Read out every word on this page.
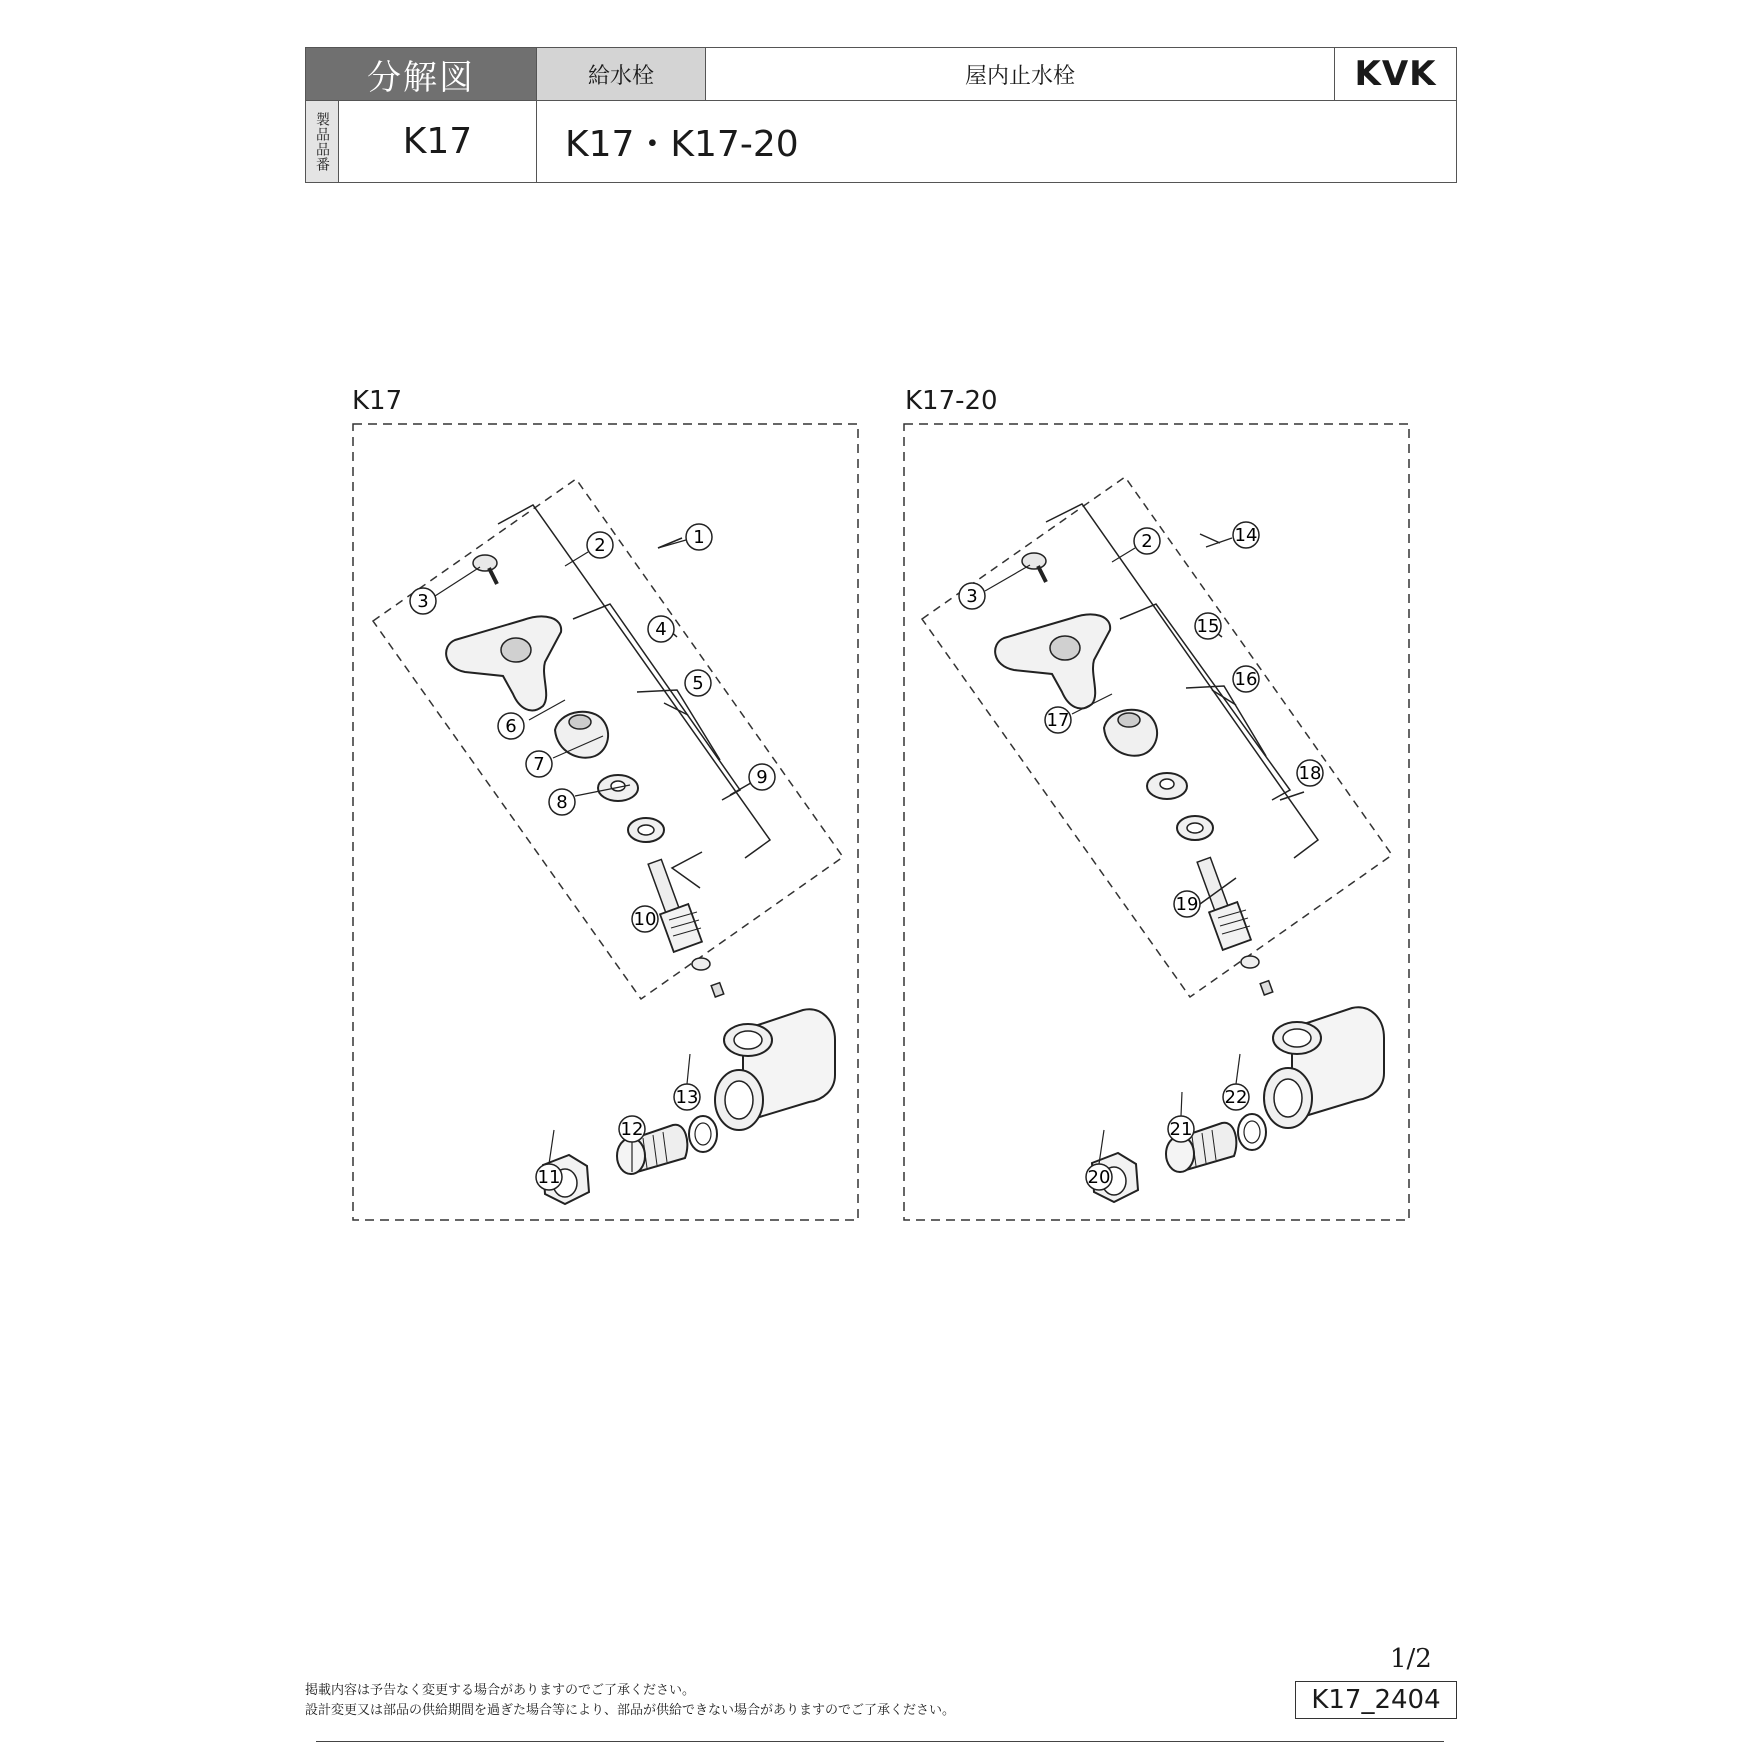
分解図	給水栓	屋内止水栓	KVK
製品品番	K17	K17・K17-20
K17	K17-20
1
2
3
4
5
6
7
8
9
10
11
12
13
14
2
3
15
16
17
18
19
20
21
22
掲載内容は予告なく変更する場合がありますのでご了承ください。
設計変更又は部品の供給期間を過ぎた場合等により、部品が供給できない場合がありますのでご了承ください。
1/2
K17_2404
